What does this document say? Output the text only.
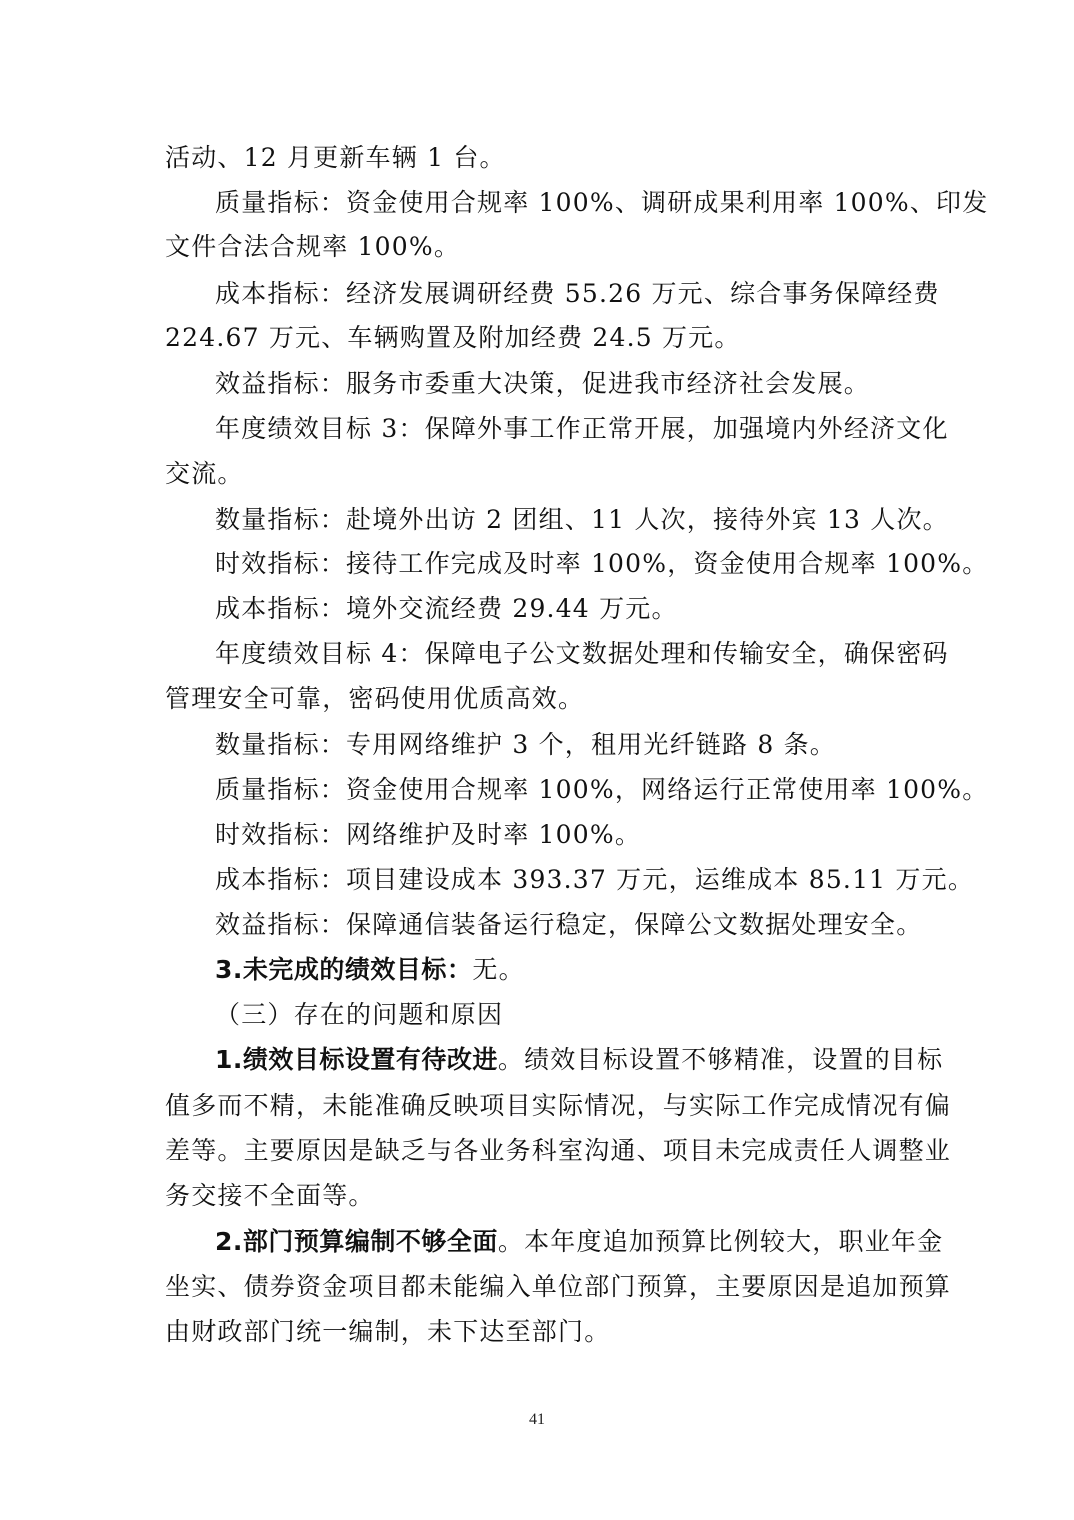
活动、12 月更新车辆 1 台。
质量指标：资金使用合规率 100%、调研成果利用率 100%、印发
文件合法合规率 100%。
成本指标：经济发展调研经费 55.26 万元、综合事务保障经费
224.67 万元、车辆购置及附加经费 24.5 万元。
效益指标：服务市委重大决策，促进我市经济社会发展。
年度绩效目标 3：保障外事工作正常开展，加强境内外经济文化
交流。
数量指标：赴境外出访 2 团组、11 人次，接待外宾 13 人次。
时效指标：接待工作完成及时率 100%，资金使用合规率 100%。
成本指标：境外交流经费 29.44 万元。
年度绩效目标 4：保障电子公文数据处理和传输安全，确保密码
管理安全可靠，密码使用优质高效。
数量指标：专用网络维护 3 个，租用光纤链路 8 条。
质量指标：资金使用合规率 100%，网络运行正常使用率 100%。
时效指标：网络维护及时率 100%。
成本指标：项目建设成本 393.37 万元，运维成本 85.11 万元。
效益指标：保障通信装备运行稳定，保障公文数据处理安全。
3.未完成的绩效目标：无。
（三）存在的问题和原因
1.绩效目标设置有待改进。绩效目标设置不够精准，设置的目标
值多而不精，未能准确反映项目实际情况，与实际工作完成情况有偏
差等。主要原因是缺乏与各业务科室沟通、项目未完成责任人调整业
务交接不全面等。
2.部门预算编制不够全面。本年度追加预算比例较大，职业年金
坐实、债券资金项目都未能编入单位部门预算，主要原因是追加预算
由财政部门统一编制，未下达至部门。
41
